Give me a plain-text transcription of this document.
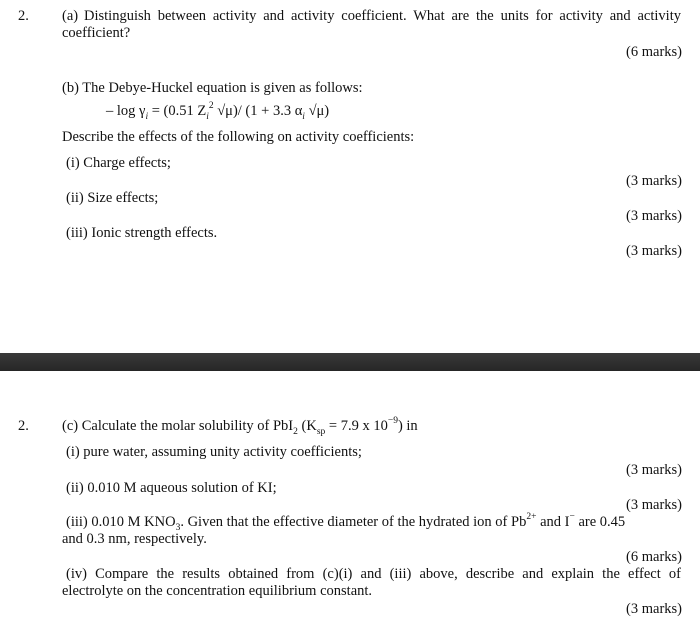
2. (a) Distinguish between activity and activity coefficient. What are the units for activity and activity
coefficient?
(6 marks)
(b) The Debye-Huckel equation is given as follows:
– $\log \gamma_i = (0.51$ $Z_i^2$ √μ)/ (1 + 3.3 $\alpha_i$ √μ)
Describe the effects of the following on activity coefficients:
(i) Charge effects;
(3 marks)
(ii) Size effects;
(3 marks)
(iii) Ionic strength effects.
(3 marks)
2. (c) Calculate the molar solubility of PbI$_2$ ($K_{sp} = 7.9$ x $10^{-9}$) in
(i) pure water, assuming unity activity coefficients;
(3 marks)
(ii) 0.010 M aqueous solution of KI;
(3 marks)
(iii) 0.010 M $KNO_3$. Given that the effective diameter of the hydrated ion of $Pb^{2+}$ and I− are 0.45
and 0.3 nm, respectively.
(6 marks)
(iv) Compare the results obtained from (c)(i) and (iii) above, describe and explain the effect of
electrolyte on the concentration equilibrium constant.
(3 marks)
